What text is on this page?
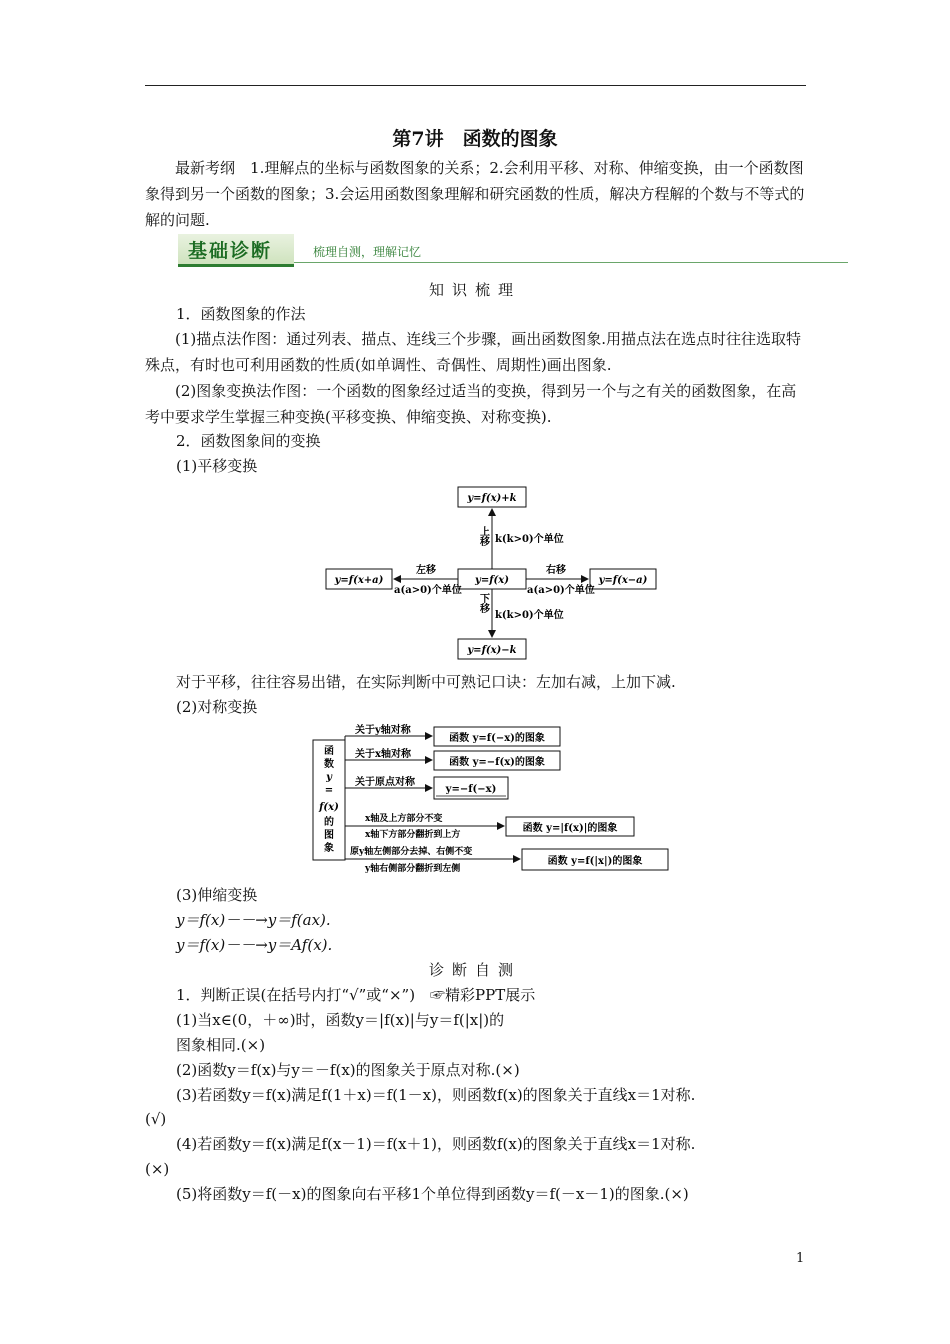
第7讲　函数的图象

最新考纲　 1.理解点的坐标与函数图象的关系；2.会利用平移、对称、伸缩变换，由一个函数图象得到另一个函数的图象；3.会运用函数图象理解和研究函数的性质，解决方程解的个数与不等式的解的问题.

基础诊断	梳理自测，理解记忆
知识梳理
1．函数图象的作法

(1)描点法作图：通过列表、描点、连线三个步骤，画出函数图象.用描点法在选点时往往选取特殊点，有时也可利用函数的性质(如单调性、奇偶性、周期性)画出图象.

(2)图象变换法作图：一个函数的图象经过适当的变换，得到另一个与之有关的函数图象，在高考中要求学生掌握三种变换(平移变换、伸缩变换、对称变换).

2．函数图象间的变换
(1)平移变换
y=f(x)+k
y=f(x)
y=f(x)−k
y=f(x+a)	y=f(x−a)
上移 k(k>0)个单位
下移
k(k>0)个单位
左移
a(a>0)个单位
右移
a(a>0)个单位
对于平移，往往容易出错，在实际判断中可熟记口诀：左加右减，上加下减.
(2)对称变换
函
数
y
=
f(x)
的
图
象
关于y轴对称
函数 y=f(−x)的图象
关于x轴对称
函数 y=−f(x)的图象
关于原点对称
y=−f(−x)
x轴及上方部分不变
x轴下方部分翻折到上方
函数 y=|f(x)|的图象
原y轴左侧部分去掉、右侧不变
y轴右侧部分翻折到左侧
函数 y=f(|x|)的图象
(3)伸缩变换
y＝f(x)－－→y＝f(ax).
y＝f(x)－－→y＝Af(x).
诊断自测
1．判断正误(在括号内打“√”或“×”)　☞精彩PPT展示
(1)当x∈(0，＋∞)时，函数y＝|f(x)|与y＝f(|x|)的
图象相同.(×)
(2)函数y＝f(x)与y＝－f(x)的图象关于原点对称.(×)
(3)若函数y＝f(x)满足f(1＋x)＝f(1－x)，则函数f(x)的图象关于直线x＝1对称.
(√)
(4)若函数y＝f(x)满足f(x－1)＝f(x＋1)，则函数f(x)的图象关于直线x＝1对称.
(×)
(5)将函数y＝f(－x)的图象向右平移1个单位得到函数y＝f(－x－1)的图象.(×)
1
